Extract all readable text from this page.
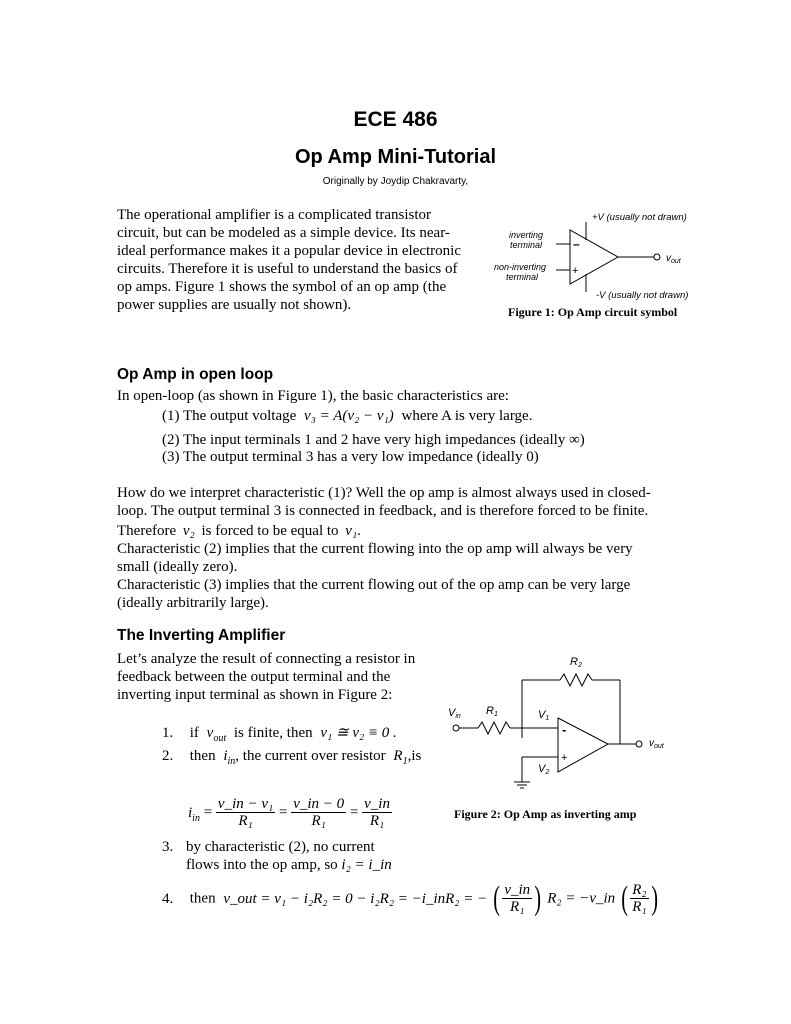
ECE 486
Op Amp Mini-Tutorial
Originally by Joydip Chakravarty,
The operational amplifier is a complicated transistor
circuit, but can be modeled as a simple device. Its near-
ideal performance makes it a popular device in electronic
circuits. Therefore it is useful to understand the basics of
op amps. Figure 1 shows the symbol of an op amp (the
power supplies are usually not shown).
+V (usually not drawn)
-V (usually not drawn)
inverting
terminal	–
non-inverting
terminal	+
$v_{out}$
Figure 1: Op Amp circuit symbol
Op Amp in open loop
In open-loop (as shown in Figure 1), the basic characteristics are:
(1) The output voltage v₃ = A(v₂ − v₁) where A is very large.
(2) The input terminals 1 and 2 have very high impedances (ideally ∞)
(3) The output terminal 3 has a very low impedance (ideally 0)
How do we interpret characteristic (1)? Well the op amp is almost always used in closed-
loop. The output terminal 3 is connected in feedback, and is therefore forced to be finite.
Therefore v₂ is forced to be equal to v₁.
Characteristic (2) implies that the current flowing into the op amp will always be very
small (ideally zero).
Characteristic (3) implies that the current flowing out of the op amp can be very large
(ideally arbitrarily large).
The Inverting Amplifier
Let’s analyze the result of connecting a resistor in
feedback between the output terminal and the
inverting input terminal as shown in Figure 2:
1. if $v_{out}$ is finite, then v₁ ≅ v₂ ≡ 0 .
2. then $i_{in}$, the current over resistor $R_1,is$
$i_{in} = \frac{\text{v\_in − v₁}}{\text{R₁}} = \frac{v\_in - 0}{\text{R₁}} = \frac{v\_in}{\text{R₁}}$
3. by characteristic (2), no current
flows into the op amp, so i₂ = i_in
4. then v_out = v₁ − i₂R₂ = 0 − i₂R₂ = −i_inR₂ = − ( $\frac{v\_in}{\text{R₁}}$ ) R₂ = −v_in ( $\frac{\text{R₂}}{\text{R₁}}$ )
R2
Vin R1	V1
-
+
V2
$v_{out}$
Figure 2: Op Amp as inverting amp
